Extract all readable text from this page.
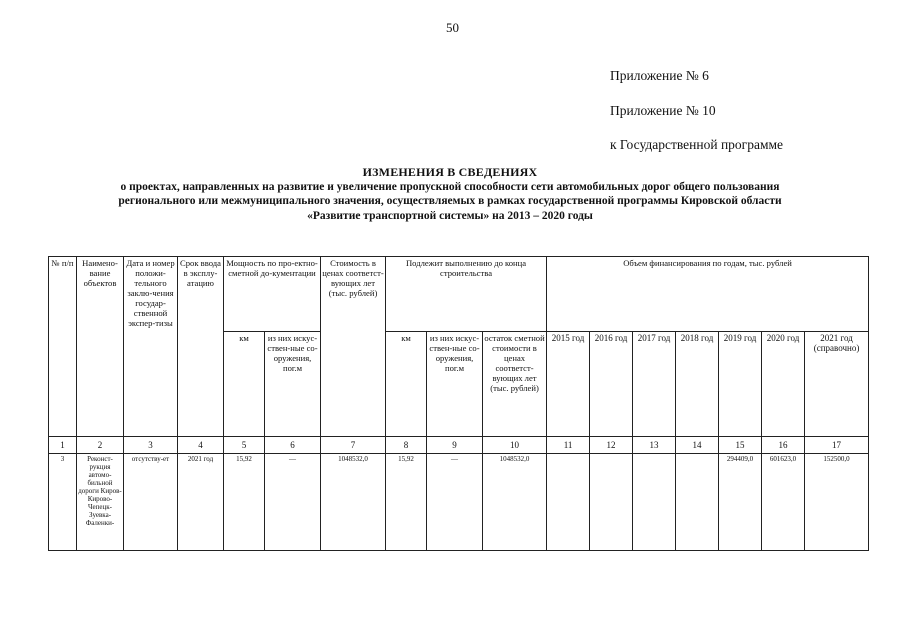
50
Приложение № 6
Приложение № 10
к Государственной программе
ИЗМЕНЕНИЯ В СВЕДЕНИЯХ
о проектах, направленных на развитие и увеличение пропускной способности сети автомобильных дорог общего пользования
регионального или межмуниципального значения, осуществляемых в рамках государственной программы Кировской области
«Развитие транспортной системы» на 2013 – 2020 годы
№ п/п	Наимено-вание объектов	Дата и номер положи-тельного заклю-чения государ-ственной экспер-тизы	Срок ввода в эксплу-атацию	Мощность по про-ектно-сметной до-кументации		Стоимость в ценах соответст-вующих лет (тыс. рублей)	Подлежит выполнению до конца строительства			Объем финансирования по годам, тыс. рублей						
				км	из них искус-ствен-ные со-оружения, пог.м		км	из них искус-ствен-ные со-оружения, пог.м	остаток сметной стоимости в ценах соответст-вующих лет (тыс. рублей)	2015 год	2016 год	2017 год	2018 год	2019 год	2020 год	2021 год (справочно)
1	2	3	4	5	6	7	8	9	10	11	12	13	14	15	16	17
3	Реконст-рукция автомо-бильной дороги Киров-Кирово-Чепецк-Зуевка-Фаленки-	отсутству-ет	2021 год	15,92	—	1048532,0	15,92	—	1048532,0					294409,0	601623,0	152500,0
